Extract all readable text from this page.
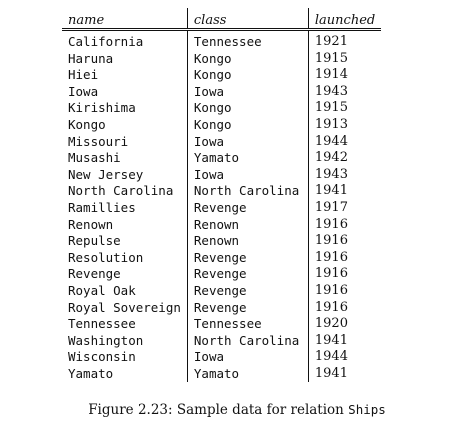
name	class	launched
California	Tennessee	1921
Haruna	Kongo	1915
Hiei	Kongo	1914
Iowa	Iowa	1943
Kirishima	Kongo	1915
Kongo	Kongo	1913
Missouri	Iowa	1944
Musashi	Yamato	1942
New Jersey	Iowa	1943
North Carolina	North Carolina	1941
Ramillies	Revenge	1917
Renown	Renown	1916
Repulse	Renown	1916
Resolution	Revenge	1916
Revenge	Revenge	1916
Royal Oak	Revenge	1916
Royal Sovereign	Revenge	1916
Tennessee	Tennessee	1920
Washington	North Carolina	1941
Wisconsin	Iowa	1944
Yamato	Yamato	1941
Figure 2.23: Sample data for relation Ships
